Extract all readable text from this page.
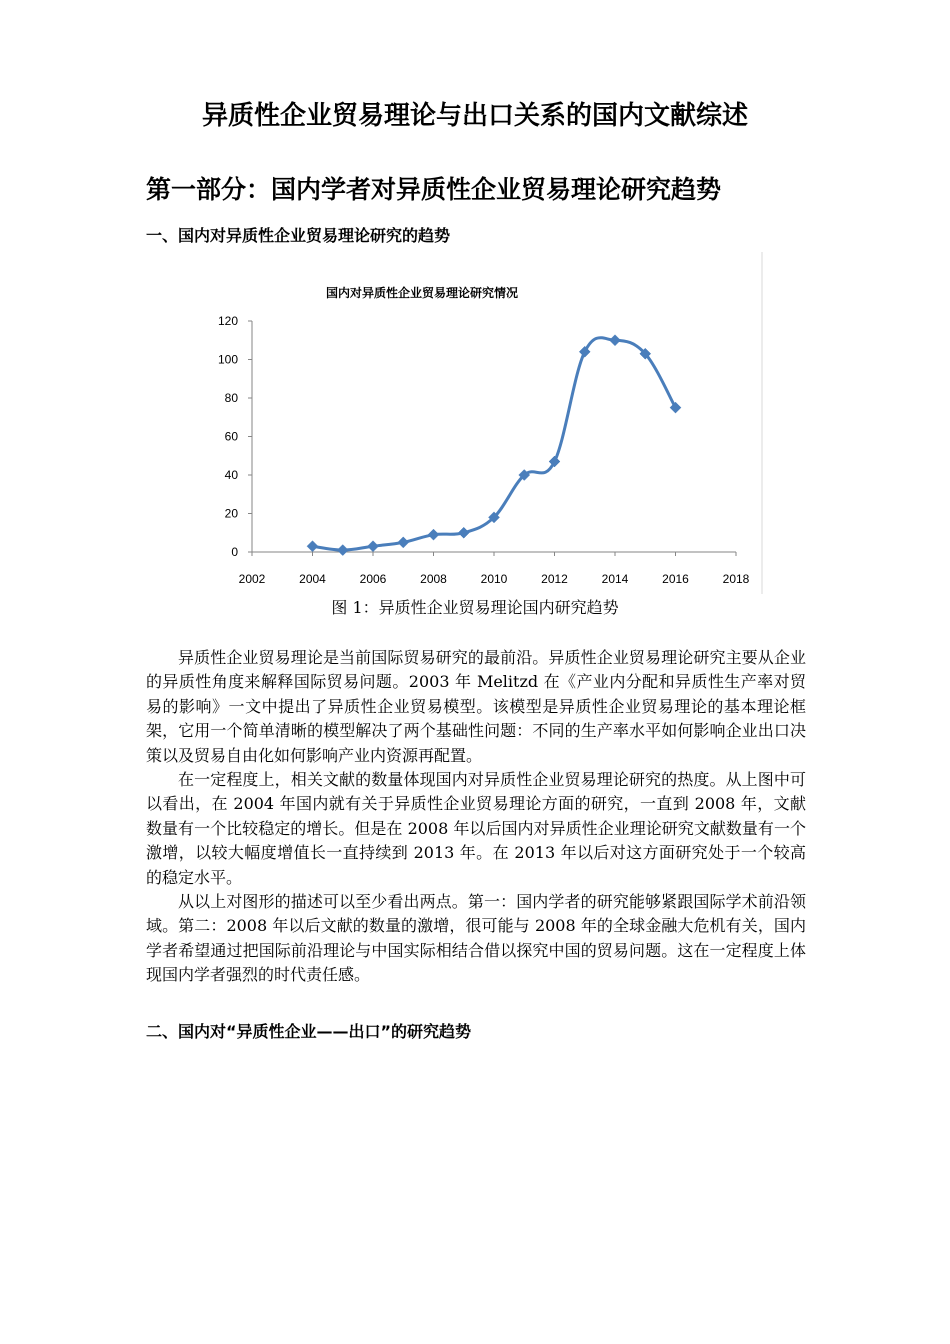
异质性企业贸易理论与出口关系的国内文献综述
第一部分：国内学者对异质性企业贸易理论研究趋势
一、国内对异质性企业贸易理论研究的趋势
国内对异质性企业贸易理论研究情况
0
20
40
60
80
100
120
2002	2004	2006	2008	2010	2012	2014	2016	2018

图 1：异质性企业贸易理论国内研究趋势

异质性企业贸易理论是当前国际贸易研究的最前沿。异质性企业贸易理论研究主要从企业的异质性角度来解释国际贸易问题。2003 年 Melitzd 在《产业内分配和异质性生产率对贸易的影响》一文中提出了异质性企业贸易模型。该模型是异质性企业贸易理论的基本理论框架，它用一个简单清晰的模型解决了两个基础性问题：不同的生产率水平如何影响企业出口决策以及贸易自由化如何影响产业内资源再配置。

在一定程度上，相关文献的数量体现国内对异质性企业贸易理论研究的热度。从上图中可以看出，在 2004 年国内就有关于异质性企业贸易理论方面的研究，一直到 2008 年，文献数量有一个比较稳定的增长。但是在 2008 年以后国内对异质性企业理论研究文献数量有一个激增，以较大幅度增值长一直持续到 2013 年。在 2013 年以后对这方面研究处于一个较高的稳定水平。

从以上对图形的描述可以至少看出两点。第一：国内学者的研究能够紧跟国际学术前沿领域。第二：2008 年以后文献的数量的激增，很可能与 2008 年的全球金融大危机有关，国内学者希望通过把国际前沿理论与中国实际相结合借以探究中国的贸易问题。这在一定程度上体现国内学者强烈的时代责任感。

二、国内对“异质性企业——出口”的研究趋势
